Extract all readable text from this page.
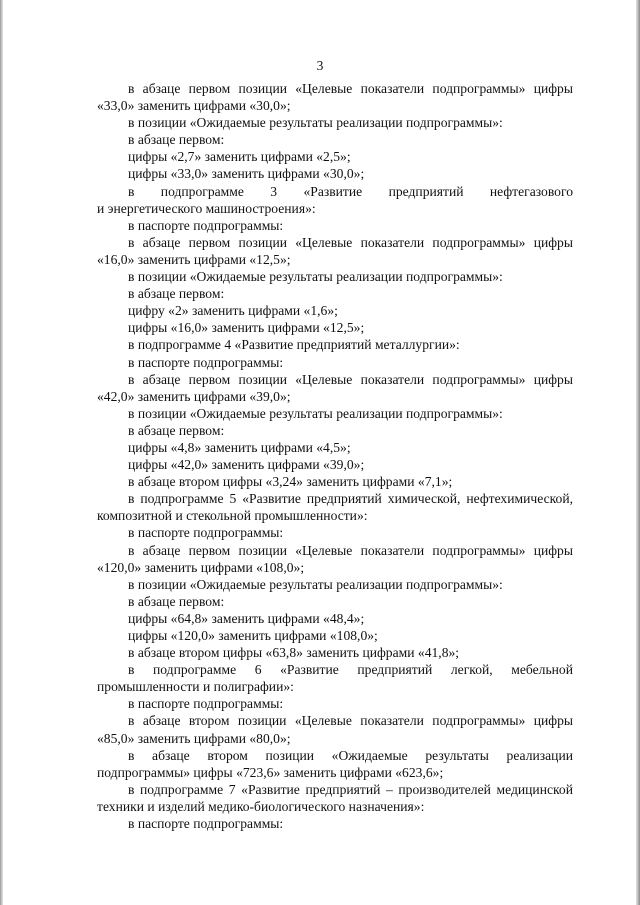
3

в абзаце первом позиции «Целевые показатели подпрограммы» цифры

«33,0» заменить цифрами «30,0»;

в позиции «Ожидаемые результаты реализации подпрограммы»:

в абзаце первом:

цифры «2,7» заменить цифрами «2,5»;

цифры «33,0» заменить цифрами «30,0»;

в подпрограмме 3 «Развитие предприятий нефтегазового

и энергетического машиностроения»:

в паспорте подпрограммы:

в абзаце первом позиции «Целевые показатели подпрограммы» цифры

«16,0» заменить цифрами «12,5»;

в позиции «Ожидаемые результаты реализации подпрограммы»:

в абзаце первом:

цифру «2» заменить цифрами «1,6»;

цифры «16,0» заменить цифрами «12,5»;

в подпрограмме 4 «Развитие предприятий металлургии»:

в паспорте подпрограммы:

в абзаце первом позиции «Целевые показатели подпрограммы» цифры

«42,0» заменить цифрами «39,0»;

в позиции «Ожидаемые результаты реализации подпрограммы»:

в абзаце первом:

цифры «4,8» заменить цифрами «4,5»;

цифры «42,0» заменить цифрами «39,0»;

в абзаце втором цифры «3,24» заменить цифрами «7,1»;

в подпрограмме 5 «Развитие предприятий химической, нефтехимической,

композитной и стекольной промышленности»:

в паспорте подпрограммы:

в абзаце первом позиции «Целевые показатели подпрограммы» цифры

«120,0» заменить цифрами «108,0»;

в позиции «Ожидаемые результаты реализации подпрограммы»:

в абзаце первом:

цифры «64,8» заменить цифрами «48,4»;

цифры «120,0» заменить цифрами «108,0»;

в абзаце втором цифры «63,8» заменить цифрами «41,8»;

в подпрограмме 6 «Развитие предприятий легкой, мебельной

промышленности и полиграфии»:

в паспорте подпрограммы:

в абзаце втором позиции «Целевые показатели подпрограммы» цифры

«85,0» заменить цифрами «80,0»;

в абзаце втором позиции «Ожидаемые результаты реализации

подпрограммы» цифры «723,6» заменить цифрами «623,6»;

в подпрограмме 7 «Развитие предприятий – производителей медицинской

техники и изделий медико-биологического назначения»:

в паспорте подпрограммы:
